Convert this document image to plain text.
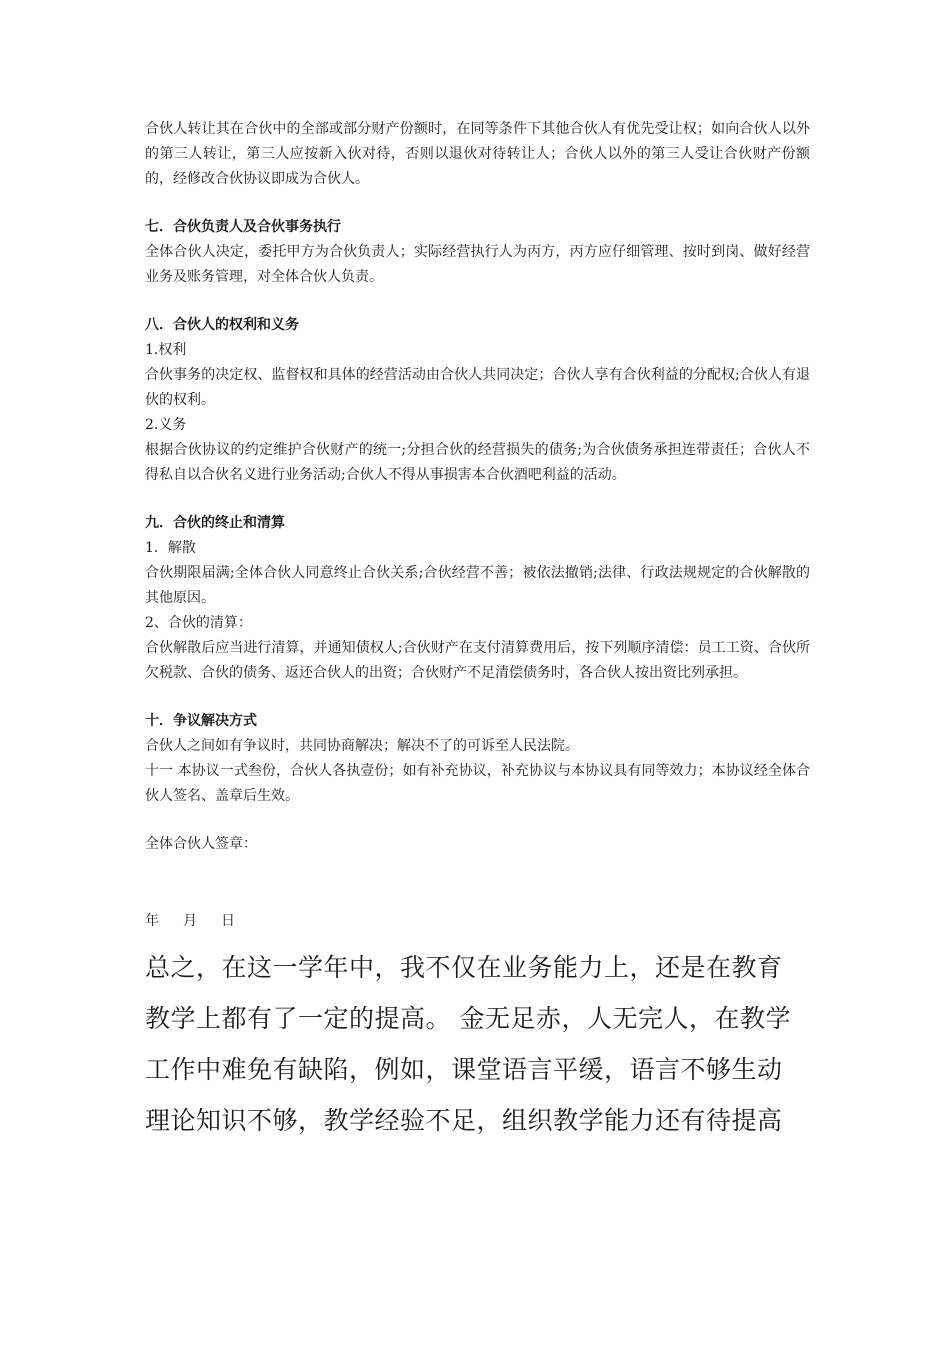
合伙人转让其在合伙中的全部或部分财产份额时，在同等条件下其他合伙人有优先受让权；如向合伙人以外的第三人转让，第三人应按新入伙对待，否则以退伙对待转让人；合伙人以外的第三人受让合伙财产份额的，经修改合伙协议即成为合伙人。

七．合伙负责人及合伙事务执行

全体合伙人决定，委托甲方为合伙负责人；实际经营执行人为丙方，丙方应仔细管理、按时到岗、做好经营业务及账务管理，对全体合伙人负责。

八．合伙人的权利和义务

1.权利

合伙事务的决定权、监督权和具体的经营活动由合伙人共同决定；合伙人享有合伙利益的分配权;合伙人有退伙的权利。

2.义务

根据合伙协议的约定维护合伙财产的统一;分担合伙的经营损失的债务;为合伙债务承担连带责任；合伙人不得私自以合伙名义进行业务活动;合伙人不得从事损害本合伙酒吧利益的活动。

九．合伙的终止和清算

1．解散

合伙期限届满;全体合伙人同意终止合伙关系;合伙经营不善；被依法撤销;法律、行政法规规定的合伙解散的其他原因。

2、合伙的清算：

合伙解散后应当进行清算，并通知债权人;合伙财产在支付清算费用后，按下列顺序清偿：员工工资、合伙所欠税款、合伙的债务、返还合伙人的出资；合伙财产不足清偿债务时，各合伙人按出资比列承担。

十．争议解决方式

合伙人之间如有争议时，共同协商解决；解决不了的可诉至人民法院。

十一 本协议一式叁份，合伙人各执壹份；如有补充协议，补充协议与本协议具有同等效力；本协议经全体合伙人签名、盖章后生效。

全体合伙人签章：

年 月 日

总之，在这一学年中，我不仅在业务能力上，还是在教育

教学上都有了一定的提高。 金无足赤，人无完人，在教学

工作中难免有缺陷，例如，课堂语言平缓，语言不够生动

理论知识不够，教学经验不足，组织教学能力还有待提高
